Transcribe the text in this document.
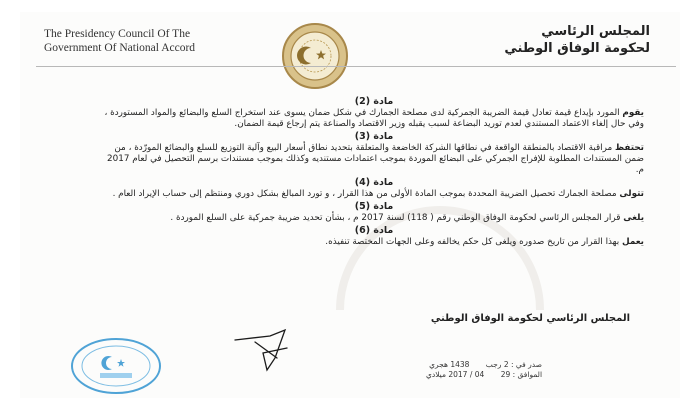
The Presidency Council Of The
Government Of National Accord
المجلس الرئاسي
لحكومة الوفاق الوطني
مادة (2)

يقوم المورد بإيداع قيمة تعادل قيمة الضريبة الجمركية لدى مصلحة الجمارك في شكل ضمان يسوى عند استخراج السلع والبضائع والمواد المستوردة ، وفي حال إلغاء الاعتماد المستندي لعدم توريد البضاعة لسبب يقبله وزير الاقتصاد والصناعة يتم إرجاع قيمة الضمان.

مادة (3)

تحتفظ مراقبة الاقتصاد بالمنطقة الواقعة في نطاقها الشركة الخاضعة والمتعلقة بتحديد نطاق أسعار البيع وآلية التوزيع للسلع والبضائع المورّدة ، من ضمن المستندات المطلوبة للإفراج الجمركي على البضائع الموردة بموجب اعتمادات مستنديه وكذلك بموجب مستندات برسم التحصيل في لعام 2017 م.

مادة (4)

تتولى مصلحة الجمارك تحصيل الضريبة المحددة بموجب المادة الأولى من هذا القرار ، و تورد المبالغ بشكل دوري ومنتظم إلى حساب الإيراد العام .

مادة (5)

يلغى قرار المجلس الرئاسي لحكومة الوفاق الوطني رقم ( 118) لسنة 2017 م ، بشأن تحديد ضريبة جمركية على السلع الموردة .

مادة (6)

يعمل بهذا القرار من تاريخ صدوره ويلغى كل حكم يخالفه وعلى الجهات المختصة تنفيذه.

المجلس الرئاسي لحكومة الوفاق الوطني
صدر في : 2 رجب 1438 هجري
الموافق : 29 04 / 2017 ميلادي
